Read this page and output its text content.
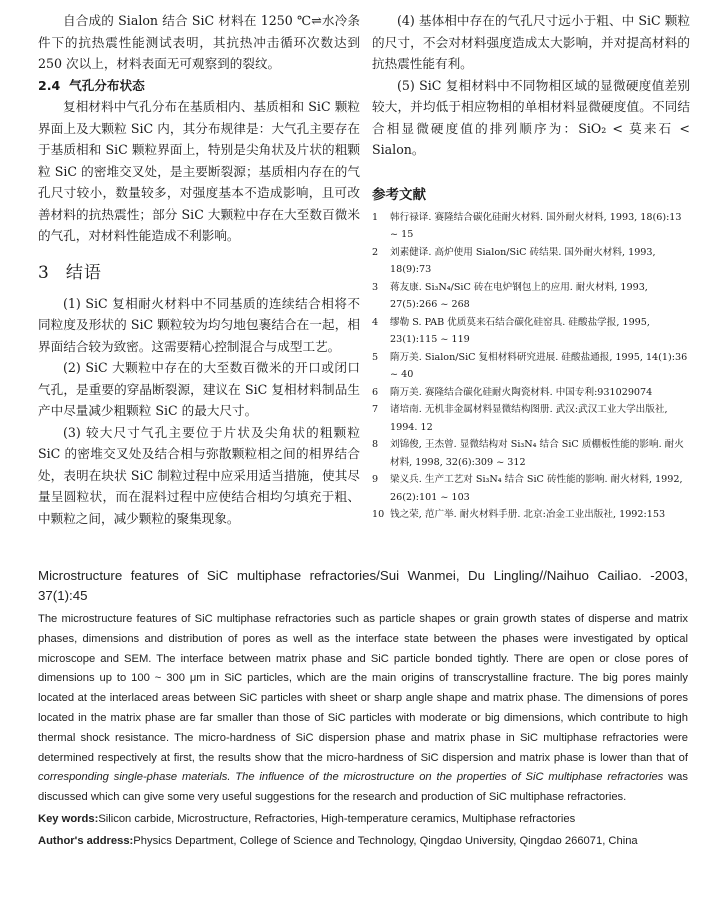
自合成的 Sialon 结合 SiC 材料在 1250 ℃⇌水冷条件下的抗热震性能测试表明，其抗热冲击循环次数达到 250 次以上，材料表面无可观察到的裂纹。

2.4 气孔分布状态

复相材料中气孔分布在基质相内、基质相和 SiC 颗粒界面上及大颗粒 SiC 内，其分布规律是：大气孔主要存在于基质相和 SiC 颗粒界面上，特别是尖角状及片状的粗颗粒 SiC 的密堆交叉处，是主要断裂源；基质相内存在的气孔尺寸较小，数量较多，对强度基本不造成影响，且可改善材料的抗热震性；部分 SiC 大颗粒中存在大至数百微米的气孔，对材料性能造成不利影响。

3 结语

(1) SiC 复相耐火材料中不同基质的连续结合相将不同粒度及形状的 SiC 颗粒较为均匀地包裹结合在一起，相界面结合较为致密。这需要精心控制混合与成型工艺。

(2) SiC 大颗粒中存在的大至数百微米的开口或闭口气孔，是重要的穿晶断裂源，建议在 SiC 复相材料制品生产中尽量减少粗颗粒 SiC 的最大尺寸。

(3) 较大尺寸气孔主要位于片状及尖角状的粗颗粒 SiC 的密堆交叉处及结合相与弥散颗粒相之间的相界结合处，表明在块状 SiC 制粒过程中应采用适当措施，使其尽量呈圆粒状，而在混料过程中应使结合相均匀填充于粗、中颗粒之间，减少颗粒的聚集现象。

(4) 基体相中存在的气孔尺寸远小于粗、中 SiC 颗粒的尺寸，不会对材料强度造成太大影响，并对提高材料的抗热震性能有利。

(5) SiC 复相材料中不同物相区域的显微硬度值差别较大，并均低于相应物相的单相材料显微硬度值。不同结合相显微硬度值的排列顺序为：SiO₂ < 莫来石 < Sialon。

参考文献

1	韩行禄译. 赛隆结合碳化硅耐火材料. 国外耐火材料, 1993, 18(6):13 ~ 15
2	刘素健译. 高炉使用 Sialon/SiC 砖结果. 国外耐火材料, 1993, 18(9):73
3	蒋友康. Si₃N₄/SiC 砖在电炉钢包上的应用. 耐火材料, 1993, 27(5):266 ~ 268
4	缪勒 S. PAB 优质莫来石结合碳化硅窑具. 硅酸盐学报, 1995, 23(1):115 ~ 119
5	隋万美. Sialon/SiC 复相材料研究进展. 硅酸盐通报, 1995, 14(1):36 ~ 40
6	隋万美. 赛隆结合碳化硅耐火陶瓷材料. 中国专利:931029074
7	诸培南. 无机非金属材料显微结构图册. 武汉:武汉工业大学出版社, 1994. 12
8	刘锦俊, 王杰曾. 显微结构对 Si₃N₄ 结合 SiC 质棚板性能的影响. 耐火材料, 1998, 32(6):309 ~ 312
9	梁义兵. 生产工艺对 Si₃N₄ 结合 SiC 砖性能的影响. 耐火材料, 1992, 26(2):101 ~ 103
10 钱之荣, 范广举. 耐火材料手册. 北京:冶金工业出版社, 1992:153

Microstructure features of SiC multiphase refractories/Sui Wanmei, Du Lingling//Naihuo Cailiao. -2003, 37(1):45

The microstructure features of SiC multiphase refractories such as particle shapes or grain growth states of disperse and matrix phases, dimensions and distribution of pores as well as the interface state between the phases were investigated by optical microscope and SEM. The interface between matrix phase and SiC particle bonded tightly. There are open or close pores of dimensions up to 100 ~ 300 μm in SiC particles, which are the main origins of transcrystalline fracture. The big pores mainly located at the interlaced areas between SiC particles with sheet or sharp angle shape and matrix phase. The dimensions of pores located in the matrix phase are far smaller than those of SiC particles with moderate or big dimensions, which contribute to high thermal shock resistance. The micro-hardness of SiC dispersion phase and matrix phase in SiC multiphase refractories were determined respectively at first, the results show that the micro-hardness of SiC dispersion and matrix phase is lower than that of corresponding single-phase materials. The influence of the microstructure on the properties of SiC multiphase refractories was discussed which can give some very useful suggestions for the research and production of SiC multiphase refractories.

Key words:Silicon carbide, Microstructure, Refractories, High-temperature ceramics, Multiphase refractories

Author's address:Physics Department, College of Science and Technology, Qingdao University, Qingdao 266071, China
